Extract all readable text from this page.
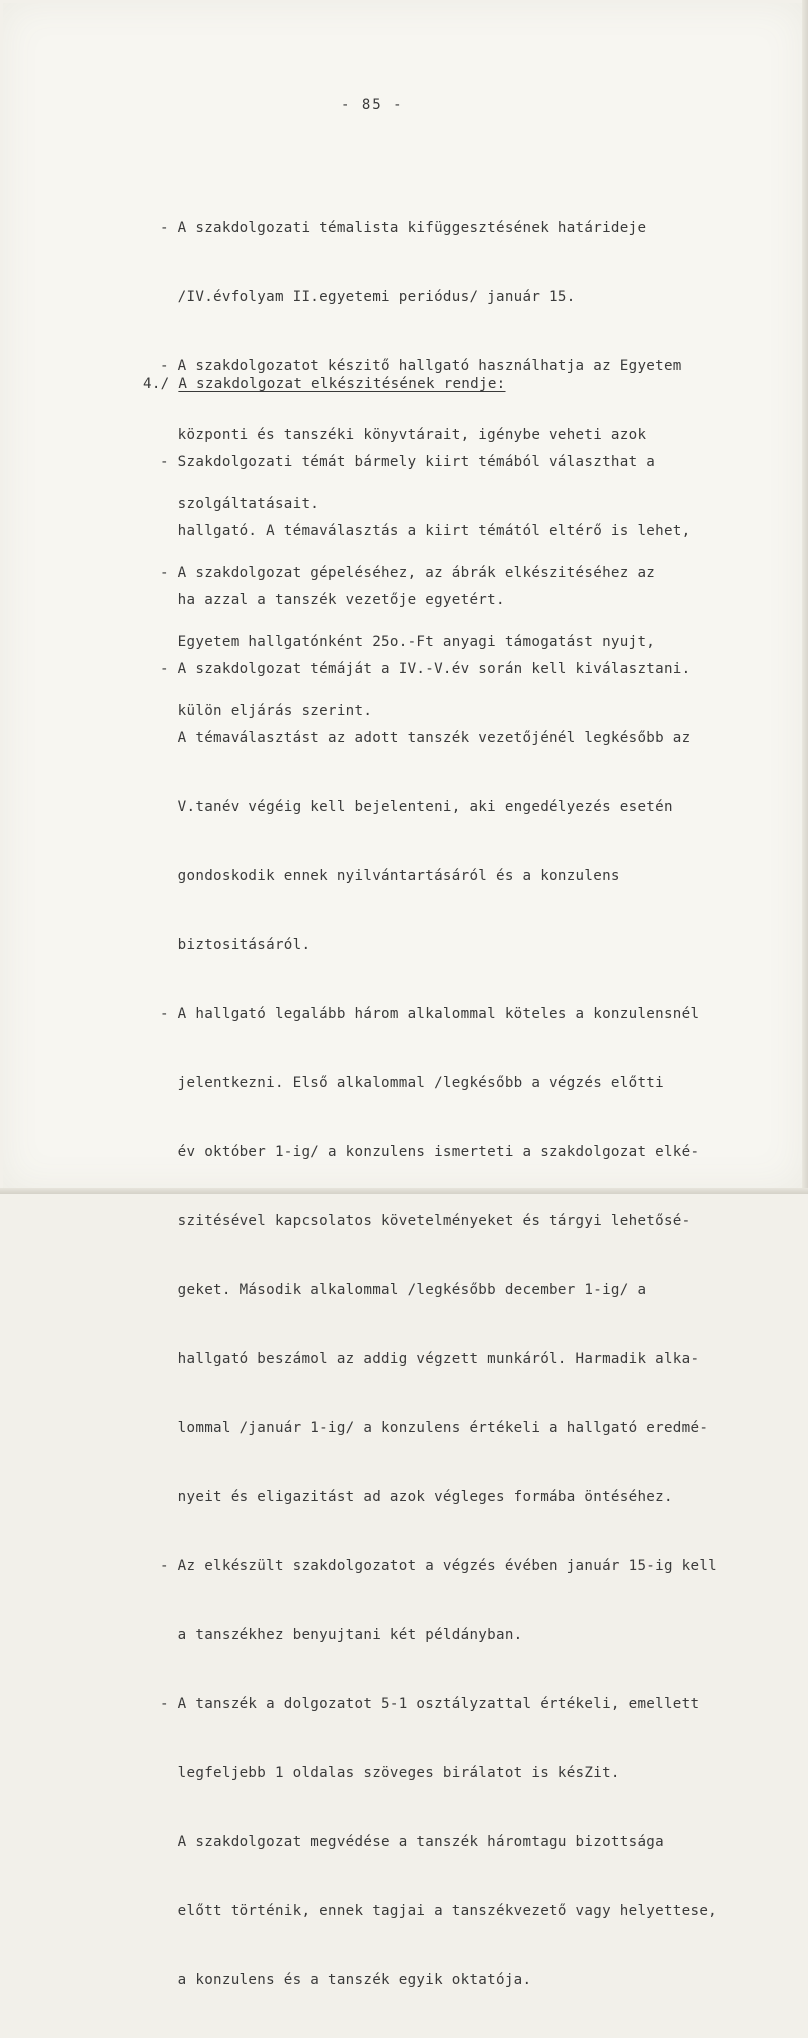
- 85 -

- A szakdolgozati témalista kifüggesztésének határideje

/IV.évfolyam II.egyetemi periódus/ január 15.

- A szakdolgozatot készitő hallgató használhatja az Egyetem

központi és tanszéki könyvtárait, igénybe veheti azok

szolgáltatásait.

- A szakdolgozat gépeléséhez, az ábrák elkészitéséhez az

Egyetem hallgatónként 25o.-Ft anyagi támogatást nyujt,

külön eljárás szerint.

4./ A szakdolgozat elkészitésének rendje:

- Szakdolgozati témát bármely kiirt témából választhat a

hallgató. A témaválasztás a kiirt témától eltérő is lehet,

ha azzal a tanszék vezetője egyetért.

- A szakdolgozat témáját a IV.-V.év során kell kiválasztani.

A témaválasztást az adott tanszék vezetőjénél legkésőbb az

V.tanév végéig kell bejelenteni, aki engedélyezés esetén

gondoskodik ennek nyilvántartásáról és a konzulens

biztositásáról.

- A hallgató legalább három alkalommal köteles a konzulensnél

jelentkezni. Első alkalommal /legkésőbb a végzés előtti

év október 1-ig/ a konzulens ismerteti a szakdolgozat elké-

szitésével kapcsolatos követelményeket és tárgyi lehetősé-

geket. Második alkalommal /legkésőbb december 1-ig/ a

hallgató beszámol az addig végzett munkáról. Harmadik alka-

lommal /január 1-ig/ a konzulens értékeli a hallgató eredmé-

nyeit és eligazitást ad azok végleges formába öntéséhez.

- Az elkészült szakdolgozatot a végzés évében január 15-ig kell

a tanszékhez benyujtani két példányban.

- A tanszék a dolgozatot 5-1 osztályzattal értékeli, emellett

legfeljebb 1 oldalas szöveges birálatot is késZit.

A szakdolgozat megvédése a tanszék háromtagu bizottsága

előtt történik, ennek tagjai a tanszékvezető vagy helyettese,

a konzulens és a tanszék egyik oktatója.
